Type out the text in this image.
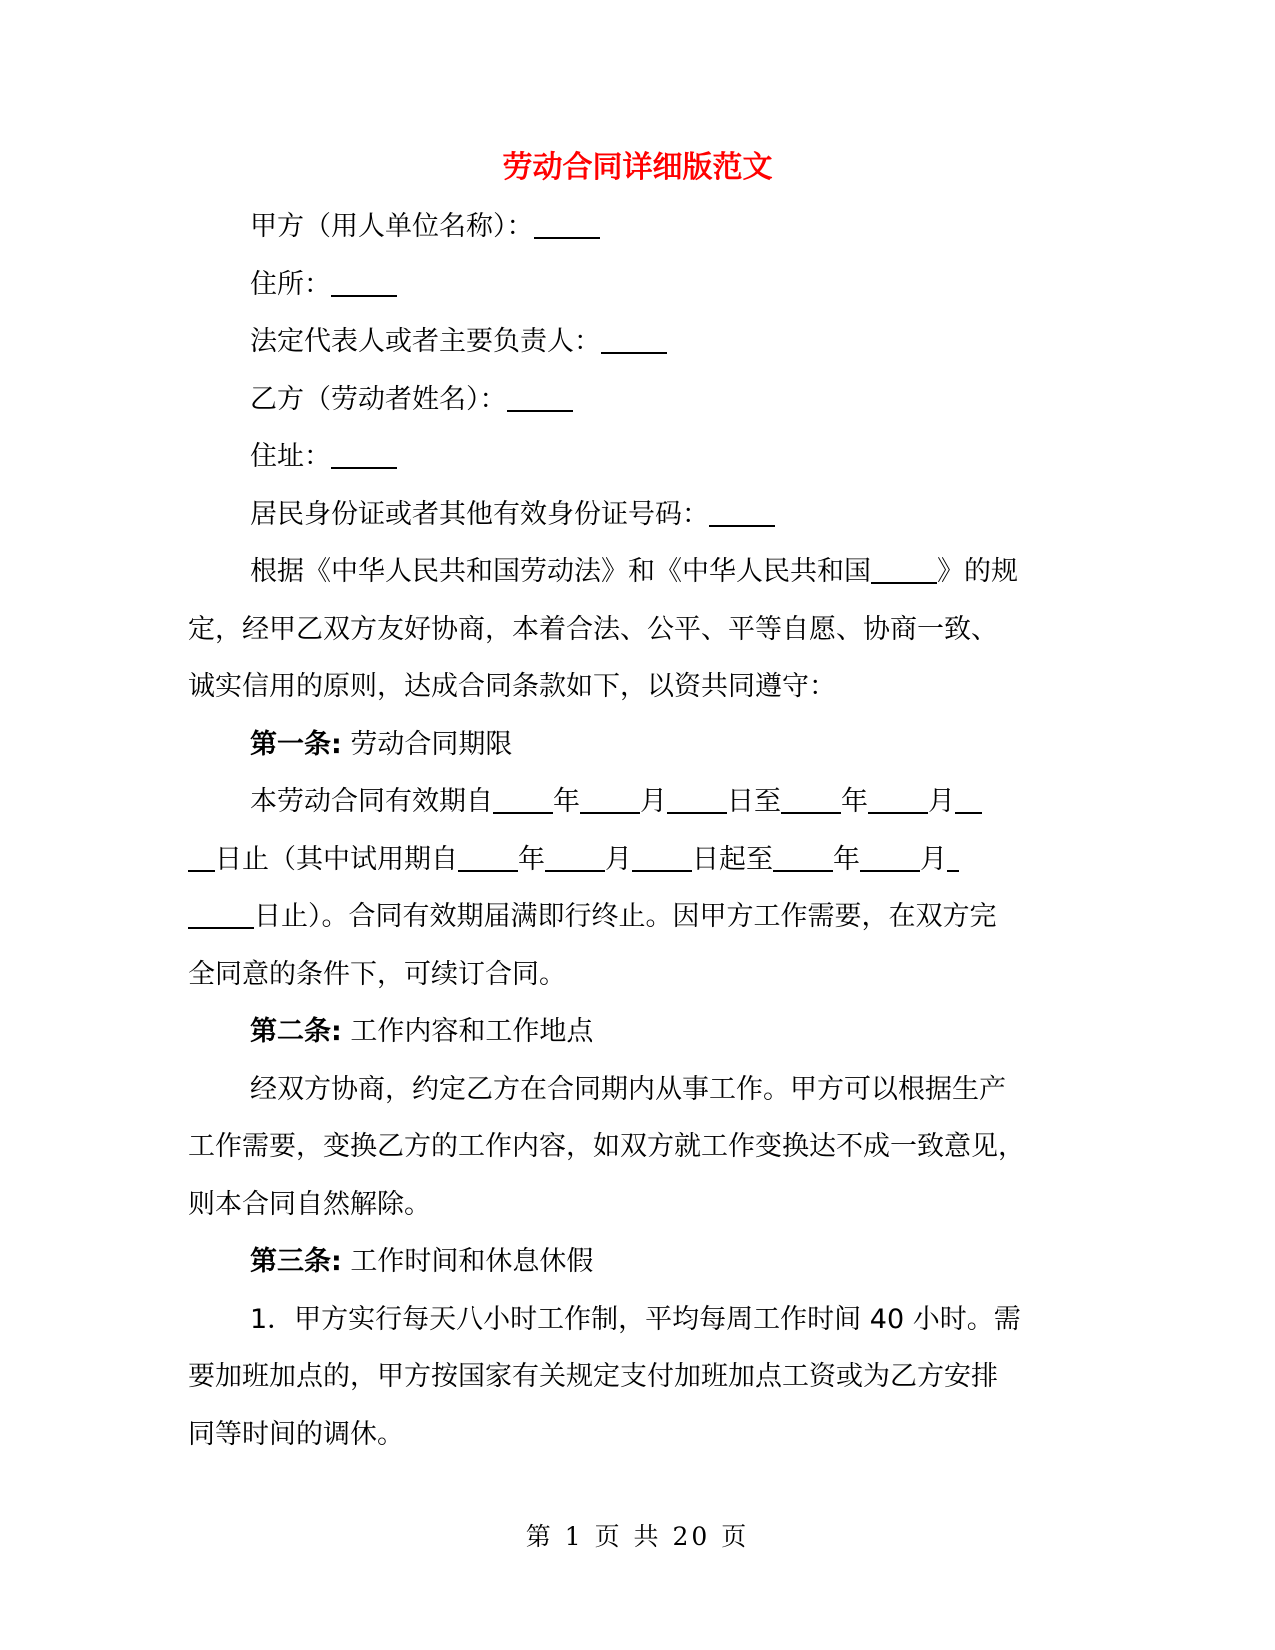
劳动合同详细版范文

甲方（用人单位名称）：

住所：

法定代表人或者主要负责人：

乙方（劳动者姓名）：

住址：

居民身份证或者其他有效身份证号码：

根据《中华人民共和国劳动法》和《中华人民共和国 》的规

定，经甲乙双方友好协商，本着合法、公平、平等自愿、协商一致、

诚实信用的原则，达成合同条款如下，以资共同遵守：

第一条: 劳动合同期限

本劳动合同有效期自 年 月 日至 年 月

日止（其中试用期自 年 月 日起至 年 月

日止）。合同有效期届满即行终止。因甲方工作需要，在双方完

全同意的条件下，可续订合同。

第二条: 工作内容和工作地点

经双方协商，约定乙方在合同期内从事工作。甲方可以根据生产

工作需要，变换乙方的工作内容，如双方就工作变换达不成一致意见，

则本合同自然解除。

第三条: 工作时间和休息休假

1．甲方实行每天八小时工作制，平均每周工作时间 40 小时。需

要加班加点的，甲方按国家有关规定支付加班加点工资或为乙方安排

同等时间的调休。

第 1 页 共 20 页
